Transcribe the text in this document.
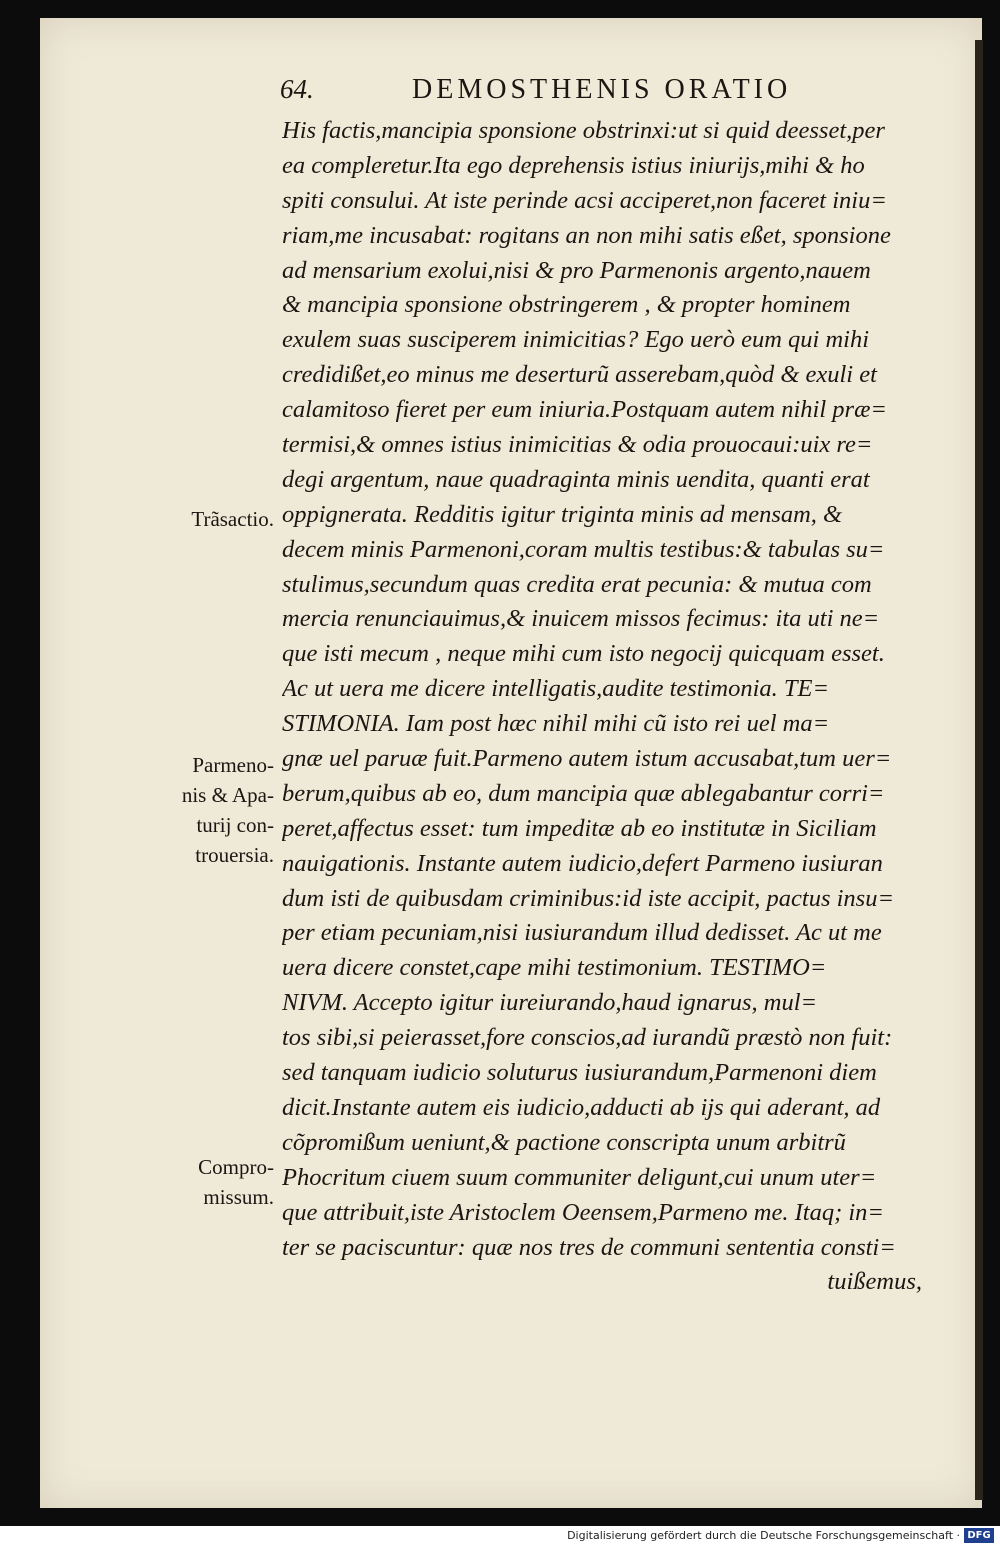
64.	DEMOSTHENIS ORATIO
His factis,mancipia sponsione obstrinxi:ut si quid deesset,per
ea compleretur.Ita ego deprehensis istius iniurijs,mihi & ho
spiti consului. At iste perinde acsi acciperet,non faceret iniu=
riam,me incusabat: rogitans an non mihi satis eßet, sponsione
ad mensarium exolui,nisi & pro Parmenonis argento,nauem
& mancipia sponsione obstringerem , & propter hominem
exulem suas susciperem inimicitias? Ego uerò eum qui mihi
credidißet,eo minus me deserturũ asserebam,quòd & exuli et
calamitoso fieret per eum iniuria.Postquam autem nihil præ=
termisi,& omnes istius inimicitias & odia prouocaui:uix re=
degi argentum, naue quadraginta minis uendita, quanti erat
oppignerata. Redditis igitur triginta minis ad mensam, &
decem minis Parmenoni,coram multis testibus:& tabulas su=
stulimus,secundum quas credita erat pecunia: & mutua com
mercia renunciauimus,& inuicem missos fecimus: ita uti ne=
que isti mecum , neque mihi cum isto negocij quicquam esset.
Ac ut uera me dicere intelligatis,audite testimonia. TE=
STIMONIA. Iam post hæc nihil mihi cũ isto rei uel ma=
gnæ uel paruæ fuit.Parmeno autem istum accusabat,tum uer=
berum,quibus ab eo, dum mancipia quæ ablegabantur corri=
peret,affectus esset: tum impeditæ ab eo institutæ in Siciliam
nauigationis. Instante autem iudicio,defert Parmeno iusiuran
dum isti de quibusdam criminibus:id iste accipit, pactus insu=
per etiam pecuniam,nisi iusiurandum illud dedisset. Ac ut me
uera dicere constet,cape mihi testimonium. TESTIMO=
NIVM. Accepto igitur iureiurando,haud ignarus, mul=
tos sibi,si peierasset,fore conscios,ad iurandũ præstò non fuit:
sed tanquam iudicio soluturus iusiurandum,Parmenoni diem
dicit.Instante autem eis iudicio,adducti ab ijs qui aderant, ad
cõpromißum ueniunt,& pactione conscripta unum arbitrũ
Phocritum ciuem suum communiter deligunt,cui unum uter=
que attribuit,iste Aristoclem Oeensem,Parmeno me. Itaq; in=
ter se paciscuntur: quæ nos tres de communi sententia consti=
tuißemus,
Trãsactio.
Parmeno-
nis & Apa-
turij con-
trouersia.
Compro-
missum.
Digitalisierung gefördert durch die Deutsche Forschungsgemeinschaft · DFG
